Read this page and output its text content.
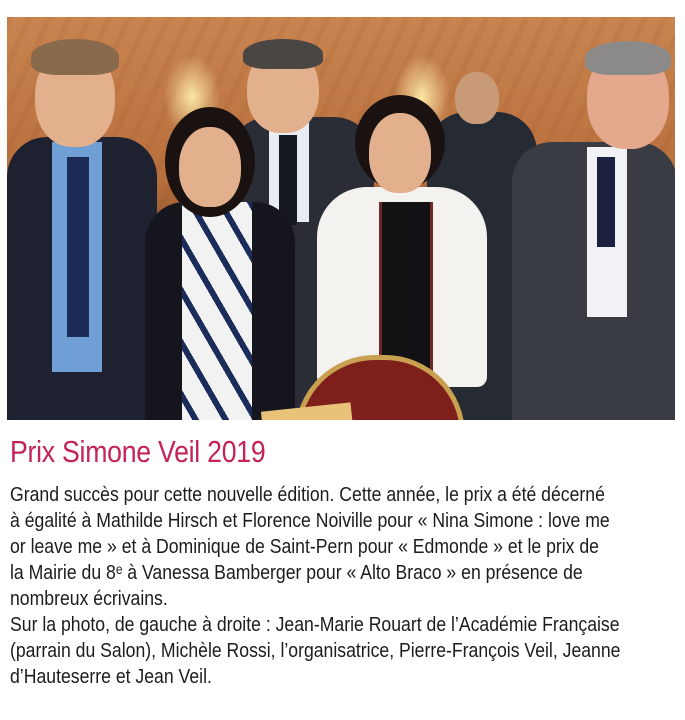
Prix Simone Veil 2019

Grand succès pour cette nouvelle édition. Cette année, le prix a été décerné

à égalité à Mathilde Hirsch et Florence Noiville pour « Nina Simone : love me

or leave me » et à Dominique de Saint-Pern pour « Edmonde » et le prix de

la Mairie du 8ᵉ à Vanessa Bamberger pour « Alto Braco » en présence de

nombreux écrivains.

Sur la photo, de gauche à droite : Jean-Marie Rouart de l’Académie Française

(parrain du Salon), Michèle Rossi, l’organisatrice, Pierre-François Veil, Jeanne

d’Hauteserre et Jean Veil.
